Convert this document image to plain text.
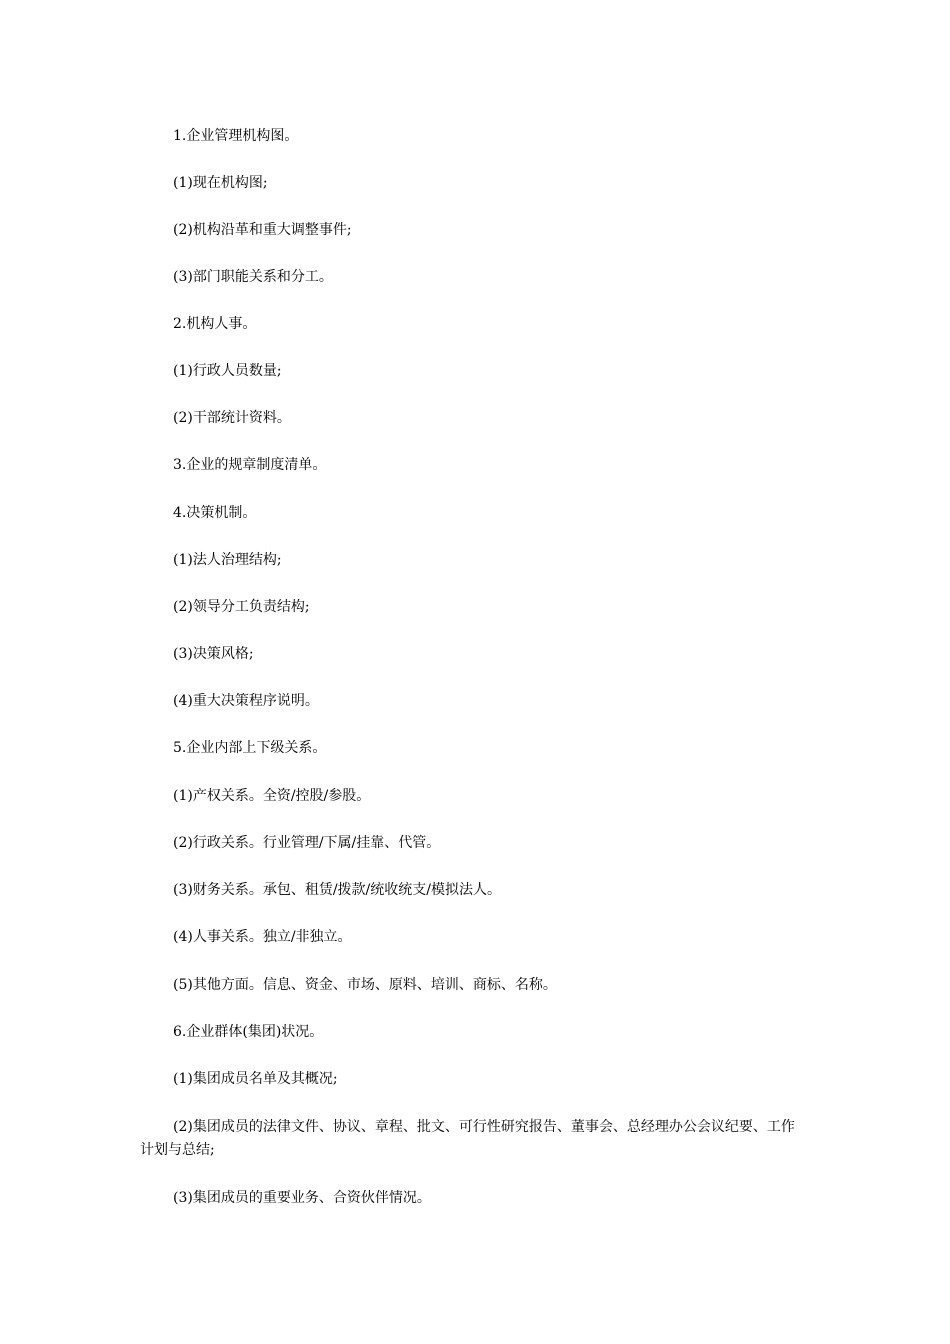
1.企业管理机构图。

(1)现在机构图;

(2)机构沿革和重大调整事件;

(3)部门职能关系和分工。

2.机构人事。

(1)行政人员数量;

(2)干部统计资料。

3.企业的规章制度清单。

4.决策机制。

(1)法人治理结构;

(2)领导分工负责结构;

(3)决策风格;

(4)重大决策程序说明。

5.企业内部上下级关系。

(1)产权关系。全资/控股/参股。

(2)行政关系。行业管理/下属/挂靠、代管。

(3)财务关系。承包、租赁/拨款/统收统支/模拟法人。

(4)人事关系。独立/非独立。

(5)其他方面。信息、资金、市场、原料、培训、商标、名称。

6.企业群体(集团)状况。

(1)集团成员名单及其概况;

(2)集团成员的法律文件、协议、章程、批文、可行性研究报告、董事会、总经理办公会议纪要、工作计划与总结;

(3)集团成员的重要业务、合资伙伴情况。
